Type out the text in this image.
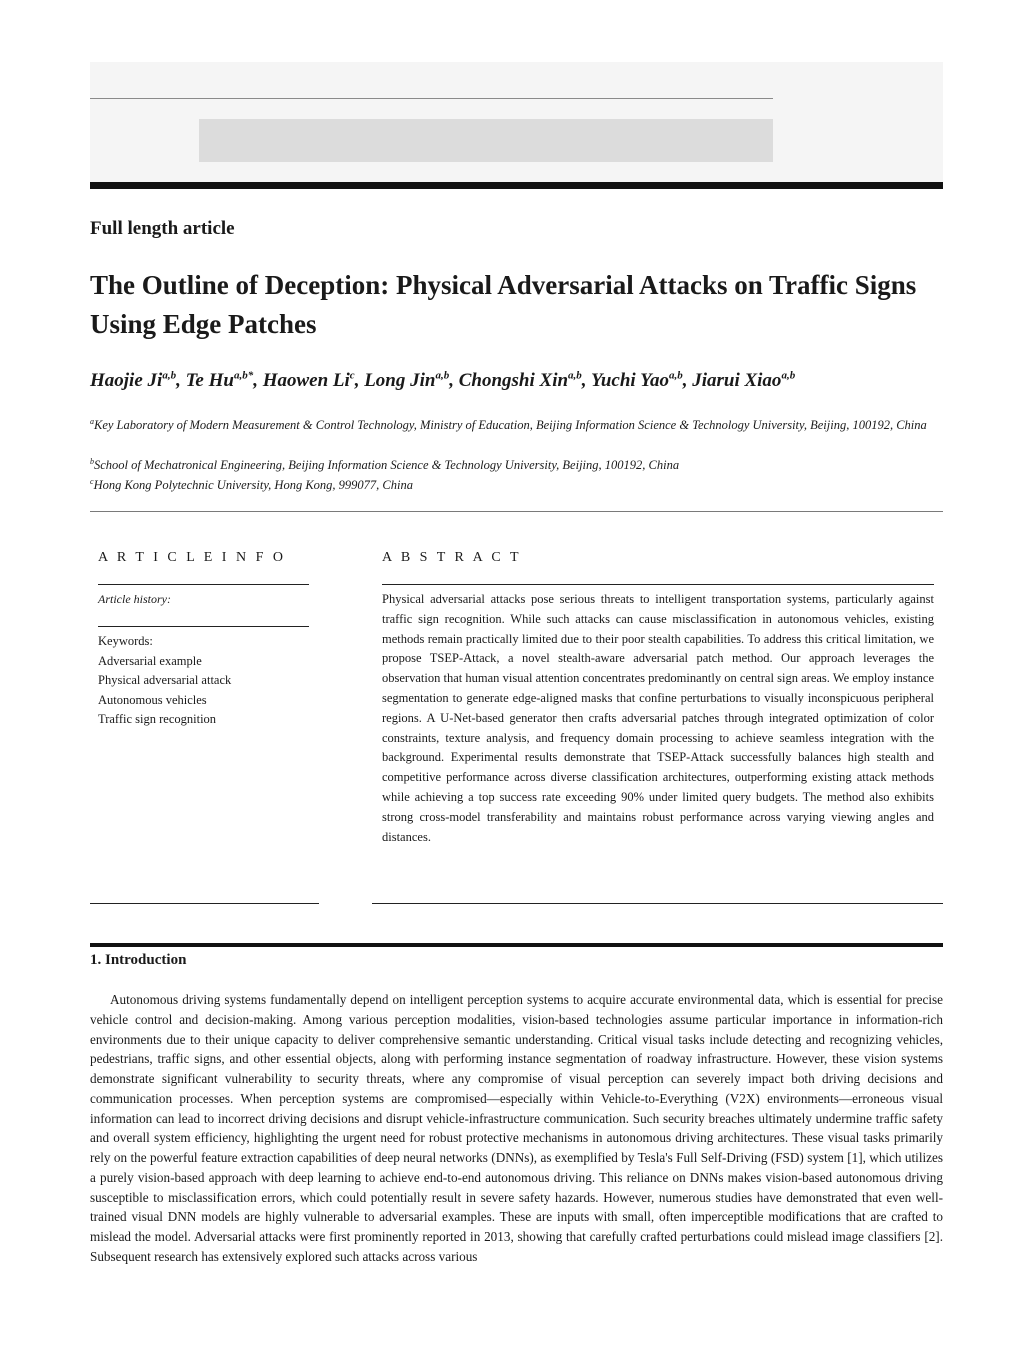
Full length article
The Outline of Deception: Physical Adversarial Attacks on Traffic Signs Using Edge Patches
Haojie Ji$^{a,b}$, Te $Hu^{a,b*}$, Haowen Li$^c$, Long Jin$^{a,b}$, Chongshi Xin$^{a,b}$, Yuchi Yao$^{a,b}$, Jiarui Xiao$^{a,b}$
$^a$Key Laboratory of Modern Measurement & Control Technology, Ministry of Education, Beijing Information Science & Technology University, Beijing, 100192, China
$^b$School of Mechatronical Engineering, Beijing Information Science & Technology University, Beijing, 100192, China
$^c$Hong Kong Polytechnic University, Hong Kong, 999077, China
A R T I C L E I N F O
Article history:
Keywords:
Adversarial example
Physical adversarial attack
Autonomous vehicles
Traffic sign recognition
A B S T R A C T
Physical adversarial attacks pose serious threats to intelligent transportation systems, particularly against traffic sign recognition. While such attacks can cause misclassification in autonomous vehicles, existing methods remain practically limited due to their poor stealth capabilities. To address this critical limitation, we propose TSEP-Attack, a novel stealth-aware adversarial patch method. Our approach leverages the observation that human visual attention concentrates predominantly on central sign areas. We employ instance segmentation to generate edge-aligned masks that confine perturbations to visually inconspicuous peripheral regions. A U-Net-based generator then crafts adversarial patches through integrated optimization of color constraints, texture analysis, and frequency domain processing to achieve seamless integration with the background. Experimental results demonstrate that TSEP-Attack successfully balances high stealth and competitive performance across diverse classification architectures, outperforming existing attack methods while achieving a top success rate exceeding 90% under limited query budgets. The method also exhibits strong cross-model transferability and maintains robust performance across varying viewing angles and distances.
1. Introduction
Autonomous driving systems fundamentally depend on intelligent perception systems to acquire accurate environmental data, which is essential for precise vehicle control and decision-making. Among various perception modalities, vision-based technologies assume particular importance in information-rich environments due to their unique capacity to deliver comprehensive semantic understanding. Critical visual tasks include detecting and recognizing vehicles, pedestrians, traffic signs, and other essential objects, along with performing instance segmentation of roadway infrastructure. However, these vision systems demonstrate significant vulnerability to security threats, where any compromise of visual perception can severely impact both driving decisions and communication processes. When perception systems are compromised—especially within Vehicle-to-Everything (V2X) environments—erroneous visual information can lead to incorrect driving decisions and disrupt vehicle-infrastructure communication. Such security breaches ultimately undermine traffic safety and overall system efficiency, highlighting the urgent need for robust protective mechanisms in autonomous driving architectures. These visual tasks primarily rely on the powerful feature extraction capabilities of deep neural networks (DNNs), as exemplified by Tesla's Full Self-Driving (FSD) system [1], which utilizes a purely vision-based approach with deep learning to achieve end-to-end autonomous driving. This reliance on DNNs makes vision-based autonomous driving susceptible to misclassification errors, which could potentially result in severe safety hazards. However, numerous studies have demonstrated that even well-trained visual DNN models are highly vulnerable to adversarial examples. These are inputs with small, often imperceptible modifications that are crafted to mislead the model. Adversarial attacks were first prominently reported in 2013, showing that carefully crafted perturbations could mislead image classifiers [2]. Subsequent research has extensively explored such attacks across various
